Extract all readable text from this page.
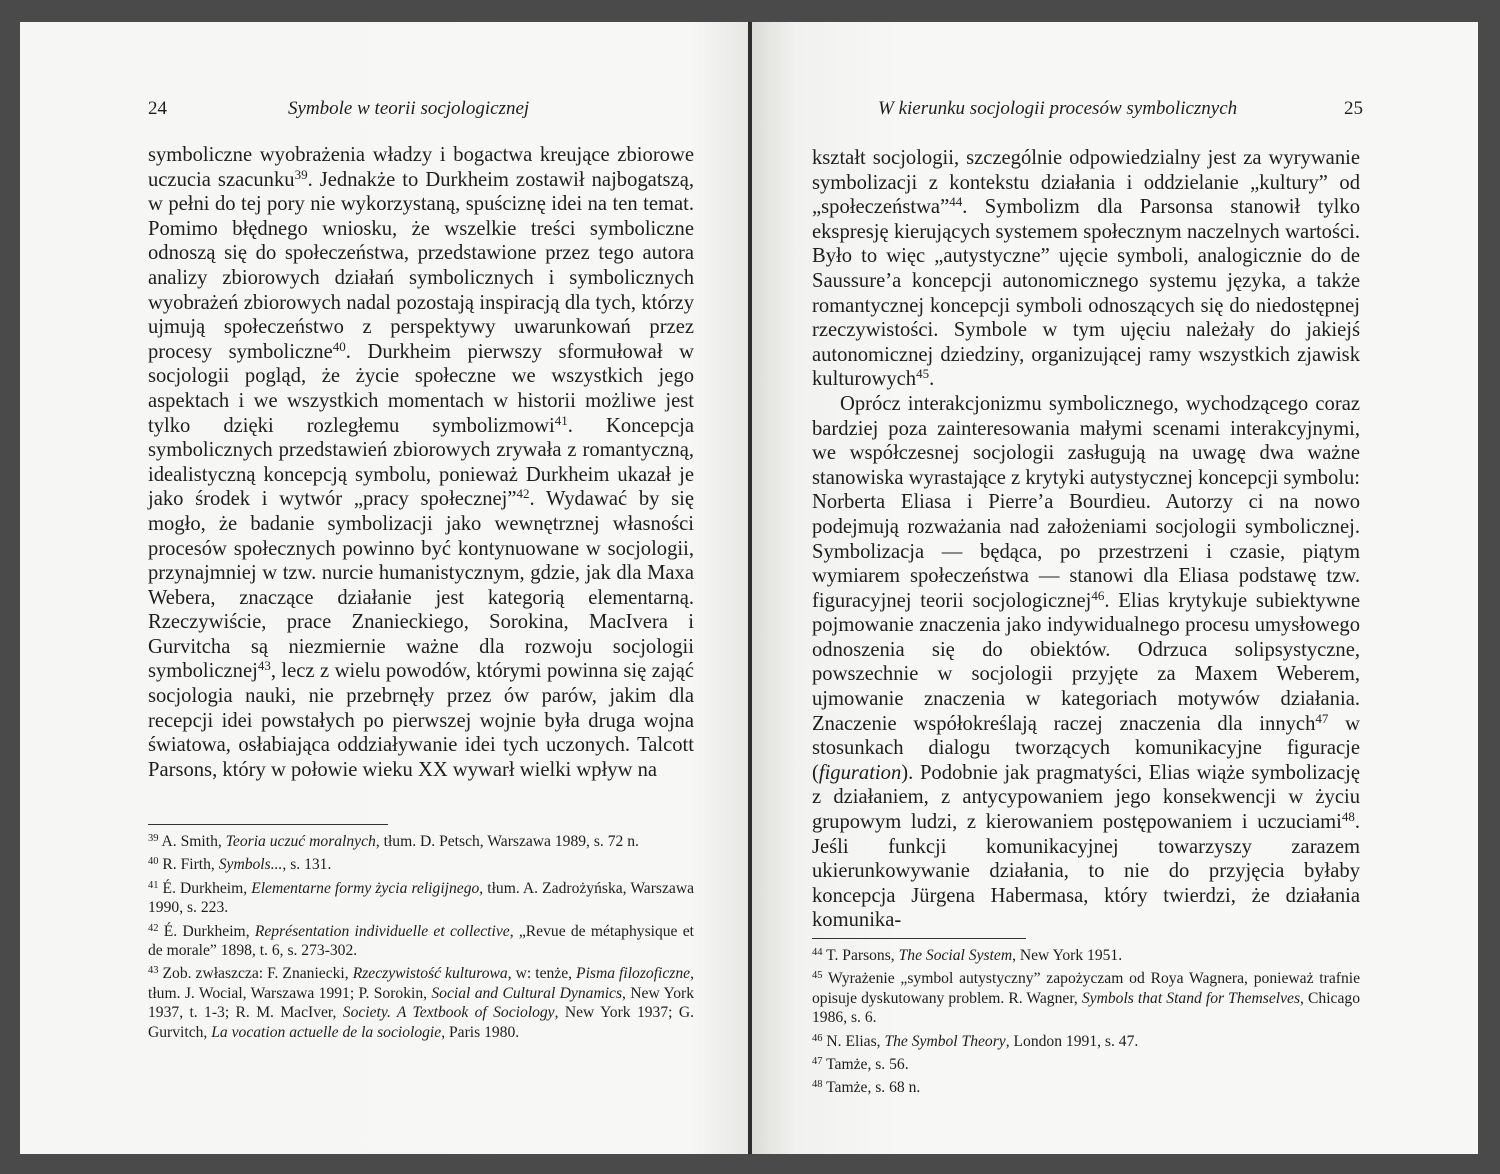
24	Symbole w teorii socjologicznej

symboliczne wyobrażenia władzy i bogactwa kreujące zbiorowe uczucia szacunku$^{39}$. Jednakże to Durkheim zostawił najbogatszą, w pełni do tej pory nie wykorzystaną, spuściznę idei na ten temat. Pomimo błędnego wniosku, że wszelkie treści symboliczne odnoszą się do społeczeństwa, przedstawione przez tego autora analizy zbiorowych działań symbolicznych i symbolicznych wyobrażeń zbiorowych nadal pozostają inspiracją dla tych, którzy ujmują społeczeństwo z perspektywy uwarunkowań przez procesy symboliczne$^{40}$. Durkheim pierwszy sformułował w socjologii pogląd, że życie społeczne we wszystkich jego aspektach i we wszystkich momentach w historii możliwe jest tylko dzięki rozległemu symbolizmowi$^{41}$. Koncepcja symbolicznych przedstawień zbiorowych zrywała z romantyczną, idealistyczną koncepcją symbolu, ponieważ Durkheim ukazał je jako środek i wytwór „pracy społecznej”$^{42}$. Wydawać by się mogło, że badanie symbolizacji jako wewnętrznej własności procesów społecznych powinno być kontynuowane w socjologii, przynajmniej w tzw. nurcie humanistycznym, gdzie, jak dla Maxa Webera, znaczące działanie jest kategorią elementarną. Rzeczywiście, prace Znanieckiego, Sorokina, MacIvera i Gurvitcha są niezmiernie ważne dla rozwoju socjologii symbolicznej$^{43}$, lecz z wielu powodów, którymi powinna się zająć socjologia nauki, nie przebrnęły przez ów parów, jakim dla recepcji idei powstałych po pierwszej wojnie była druga wojna światowa, osłabiająca oddziaływanie idei tych uczonych. Talcott Parsons, który w połowie wieku XX wywarł wielki wpływ na

$^{39}$ A. Smith, Teoria uczuć moralnych, tłum. D. Petsch, Warszawa 1989, s. 72 n.
$^{40}$ R. Firth, Symbols..., s. 131.
$^{41}$ É. Durkheim, Elementarne formy życia religijnego, tłum. A. Zadrożyńska, Warszawa 1990, s. 223.
$^{42}$ É. Durkheim, Représentation individuelle et collective, „Revue de métaphysique et de morale” 1898, t. 6, s. 273-302.
$^{43}$ Zob. zwłaszcza: F. Znaniecki, Rzeczywistość kulturowa, w: tenże, Pisma filozoficzne, tłum. J. Wocial, Warszawa 1991; P. Sorokin, Social and Cultural Dynamics, New York 1937, t. 1-3; R. M. MacIver, Society. A Textbook of Sociology, New York 1937; G. Gurvitch, La vocation actuelle de la sociologie, Paris 1980.
W kierunku socjologii procesów symbolicznych	25

kształt socjologii, szczególnie odpowiedzialny jest za wyrywanie symbolizacji z kontekstu działania i oddzielanie „kultury” od „społeczeństwa”$^{44}$. Symbolizm dla Parsonsa stanowił tylko ekspresję kierujących systemem społecznym naczelnych wartości. Było to więc „autystyczne” ujęcie symboli, analogicznie do de Saussure’a koncepcji autonomicznego systemu języka, a także romantycznej koncepcji symboli odnoszących się do niedostępnej rzeczywistości. Symbole w tym ujęciu należały do jakiejś autonomicznej dziedziny, organizującej ramy wszystkich zjawisk kulturowych$^{45}$.

Oprócz interakcjonizmu symbolicznego, wychodzącego coraz bardziej poza zainteresowania małymi scenami interakcyjnymi, we współczesnej socjologii zasługują na uwagę dwa ważne stanowiska wyrastające z krytyki autystycznej koncepcji symbolu: Norberta Eliasa i Pierre’a Bourdieu. Autorzy ci na nowo podejmują rozważania nad założeniami socjologii symbolicznej. Symbolizacja — będąca, po przestrzeni i czasie, piątym wymiarem społeczeństwa — stanowi dla Eliasa podstawę tzw. figuracyjnej teorii socjologicznej$^{46}$. Elias krytykuje subiektywne pojmowanie znaczenia jako indywidualnego procesu umysłowego odnoszenia się do obiektów. Odrzuca solipsystyczne, powszechnie w socjologii przyjęte za Maxem Weberem, ujmowanie znaczenia w kategoriach motywów działania. Znaczenie współokreślają raczej znaczenia dla innych$^{47}$ w stosunkach dialogu tworzących komunikacyjne figuracje (figuration). Podobnie jak pragmatyści, Elias wiąże symbolizację z działaniem, z antycypowaniem jego konsekwencji w życiu grupowym ludzi, z kierowaniem postępowaniem i uczuciami$^{48}$. Jeśli funkcji komunikacyjnej towarzyszy zarazem ukierunkowywanie działania, to nie do przyjęcia byłaby koncepcja Jürgena Habermasa, który twierdzi, że działania komunika-

$^{44}$ T. Parsons, The Social System, New York 1951.
$^{45}$ Wyrażenie „symbol autystyczny” zapożyczam od Roya Wagnera, ponieważ trafnie opisuje dyskutowany problem. R. Wagner, Symbols that Stand for Themselves, Chicago 1986, s. 6.
$^{46}$ N. Elias, The Symbol Theory, London 1991, s. 47.
$^{47}$ Tamże, s. 56.
$^{48}$ Tamże, s. 68 n.
